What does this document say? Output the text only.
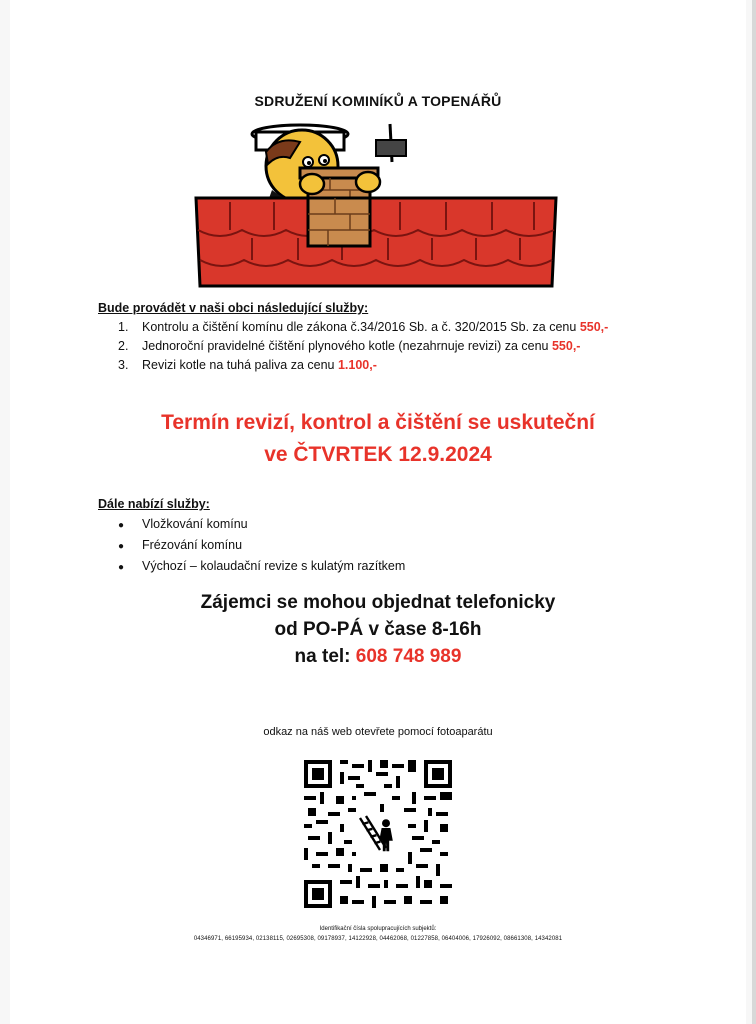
SDRUŽENÍ KOMINÍKŮ A TOPENÁŘŮ
Bude provádět v naši obci následující služby:
1. Kontrolu a čištění komínu dle zákona č.34/2016 Sb. a č. 320/2015 Sb. za cenu 550,-
2. Jednoroční pravidelné čištění plynového kotle (nezahrnuje revizi) za cenu 550,-
3. Revizi kotle na tuhá paliva za cenu 1.100,-
Termín revizí, kontrol a čištění se uskuteční
ve ČTVRTEK 12.9.2024
Dále nabízí služby:
● Vložkování komínu
● Frézování komínu
● Výchozí – kolaudační revize s kulatým razítkem
Zájemci se mohou objednat telefonicky
od PO-PÁ v čase 8-16h
na tel: 608 748 989
odkaz na náš web otevřete pomocí fotoaparátu
Identifikační čísla spolupracujících subjektů:
04346971, 66195934, 02138115, 02695308, 09178937, 14122928, 04462068, 01227858, 06404006, 17926092, 08661308, 14342081
